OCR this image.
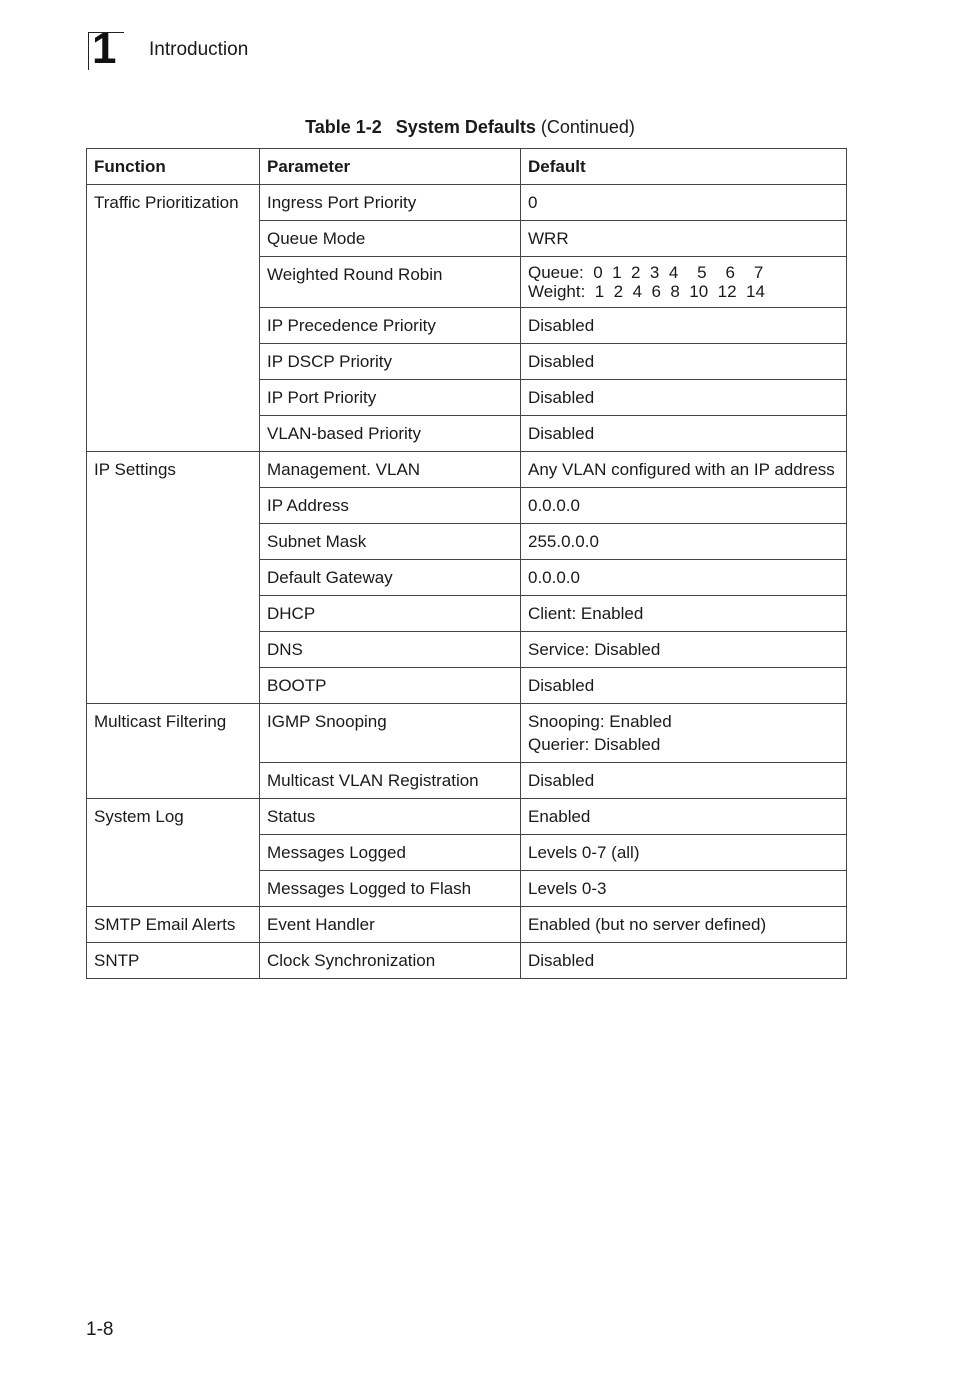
1 Introduction
Table 1-2 System Defaults (Continued)
Function	Parameter	Default
Traffic Prioritization	Ingress Port Priority	0
	Queue Mode	WRR
	Weighted Round Robin	Queue:  0  1  2  3  4    5    6    7
Weight:  1  2  4  6  8  10  12  14

	IP Precedence Priority	Disabled
	IP DSCP Priority	Disabled
	IP Port Priority	Disabled
	VLAN-based Priority	Disabled
IP Settings	Management. VLAN	Any VLAN configured with an IP address
	IP Address	0.0.0.0
	Subnet Mask	255.0.0.0
	Default Gateway	0.0.0.0
	DHCP	Client: Enabled
	DNS	Service: Disabled
	BOOTP	Disabled
Multicast Filtering	IGMP Snooping	Snooping: Enabled
Querier: Disabled

	Multicast VLAN Registration	Disabled
System Log	Status	Enabled
	Messages Logged	Levels 0-7 (all)
	Messages Logged to Flash	Levels 0-3
SMTP Email Alerts	Event Handler	Enabled (but no server defined)
SNTP	Clock Synchronization	Disabled
1-8
